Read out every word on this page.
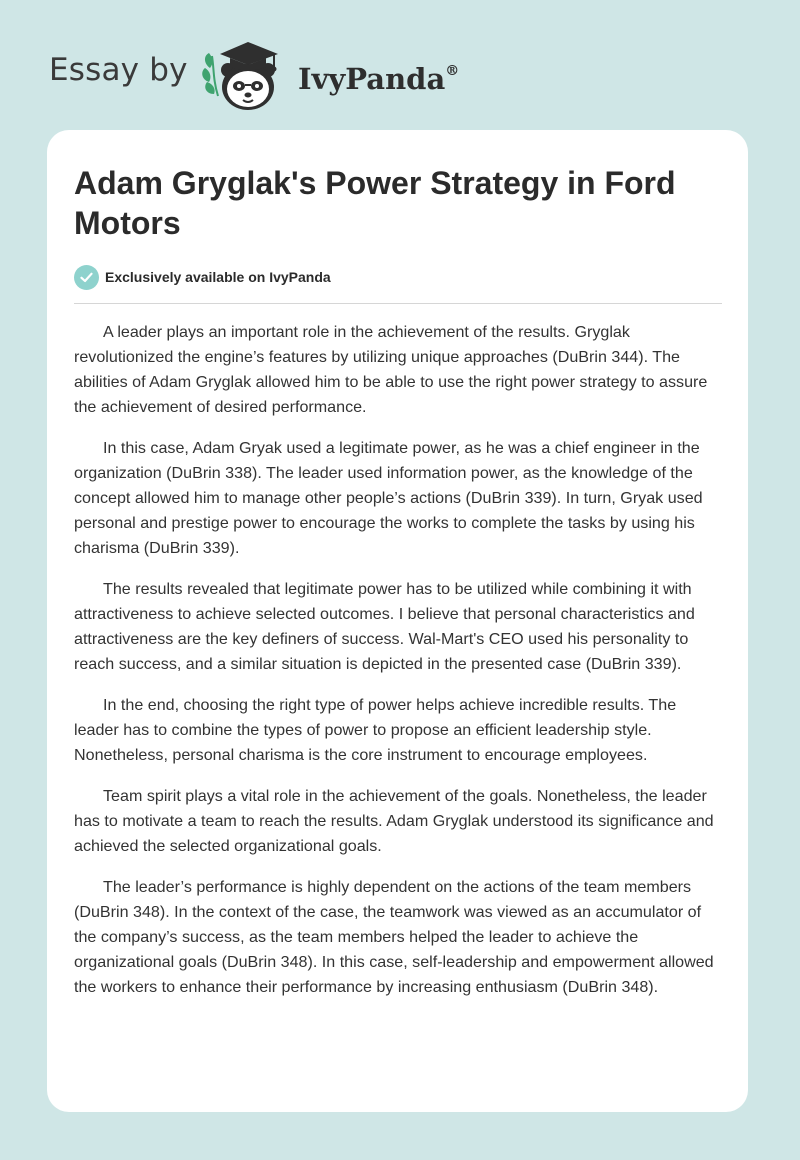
Essay by	IvyPanda®
Adam Gryglak's Power Strategy in Ford Motors
Exclusively available on IvyPanda

A leader plays an important role in the achievement of the results. Gryglak revolutionized the engine’s features by utilizing unique approaches (DuBrin 344). The abilities of Adam Gryglak allowed him to be able to use the right power strategy to assure the achievement of desired performance.

In this case, Adam Gryak used a legitimate power, as he was a chief engineer in the organization (DuBrin 338). The leader used information power, as the knowledge of the concept allowed him to manage other people’s actions (DuBrin 339). In turn, Gryak used personal and prestige power to encourage the works to complete the tasks by using his charisma (DuBrin 339).

The results revealed that legitimate power has to be utilized while combining it with attractiveness to achieve selected outcomes. I believe that personal characteristics and attractiveness are the key definers of success. Wal-Mart's CEO used his personality to reach success, and a similar situation is depicted in the presented case (DuBrin 339).

In the end, choosing the right type of power helps achieve incredible results. The leader has to combine the types of power to propose an efficient leadership style. Nonetheless, personal charisma is the core instrument to encourage employees.

Team spirit plays a vital role in the achievement of the goals. Nonetheless, the leader has to motivate a team to reach the results. Adam Gryglak understood its significance and achieved the selected organizational goals.

The leader’s performance is highly dependent on the actions of the team members (DuBrin 348). In the context of the case, the teamwork was viewed as an accumulator of the company’s success, as the team members helped the leader to achieve the organizational goals (DuBrin 348). In this case, self-leadership and empowerment allowed the workers to enhance their performance by increasing enthusiasm (DuBrin 348).
